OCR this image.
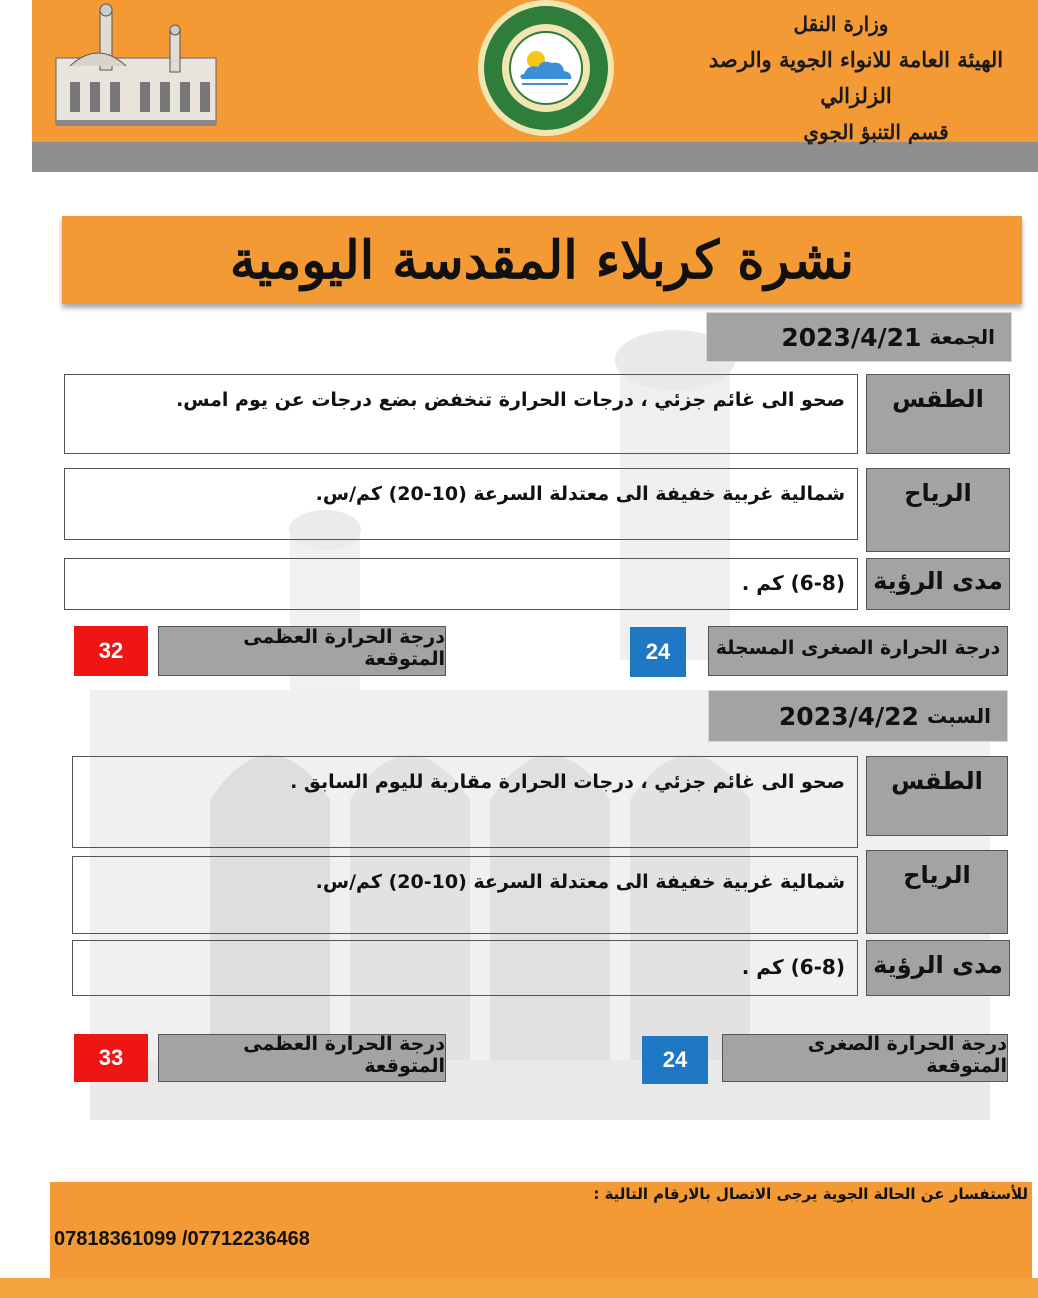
وزارة النقل
الهيئة العامة للانواء الجوية والرصد الزلزالي
قسم التنبؤ الجوي
نشرة كربلاء المقدسة اليومية
الجمعة
2023/4/21
الطقس
صحو الى غائم جزئي ، درجات الحرارة تنخفض بضع درجات عن يوم امس.
الرياح
شمالية غربية خفيفة الى معتدلة السرعة (10-20) كم/س.
مدى الرؤية
(6-8) كم .
درجة الحرارة الصغرى المسجلة
24
درجة الحرارة العظمى المتوقعة
32
السبت
2023/4/22
الطقس
صحو الى غائم جزئي ، درجات الحرارة مقاربة لليوم السابق .
الرياح
شمالية غربية خفيفة الى معتدلة السرعة (10-20) كم/س.
مدى الرؤية
(6-8) كم .
درجة الحرارة الصغرى المتوقعة
24
درجة الحرارة العظمى المتوقعة
33
للأستفسار عن الحالة الجوية يرجى الاتصال بالارقام التالية :
07818361099 /07712236468
